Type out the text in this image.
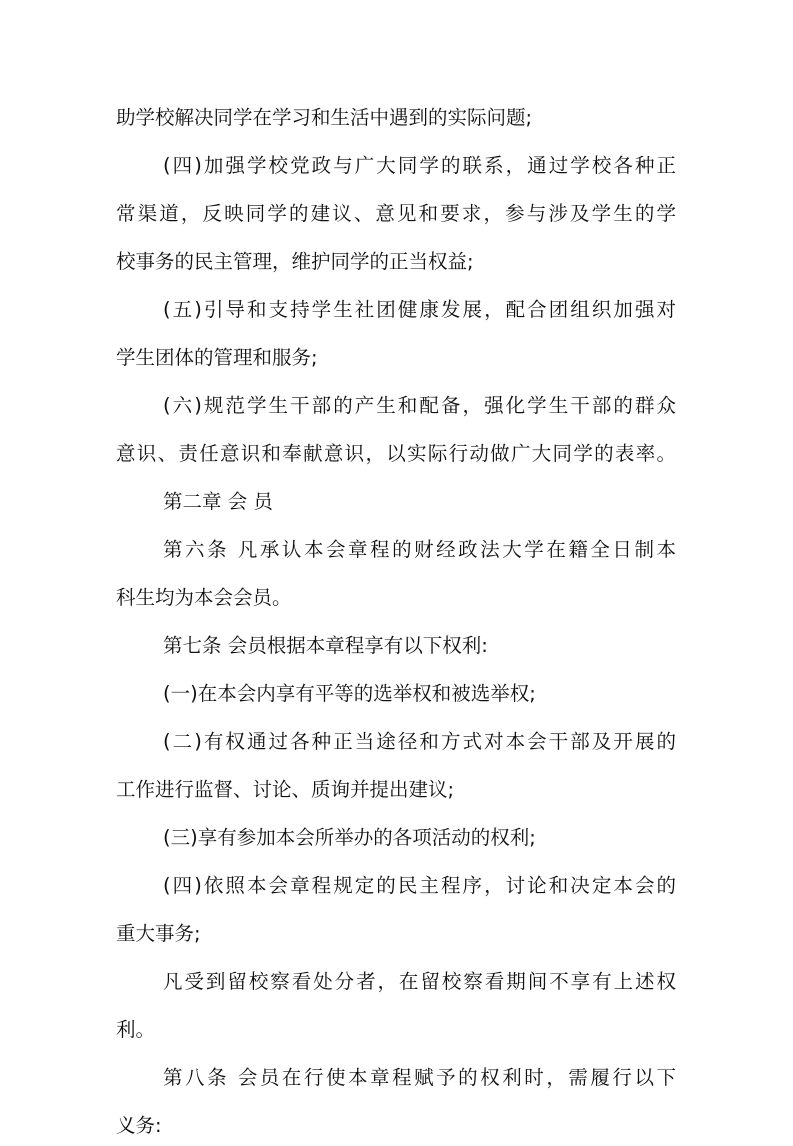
助学校解决同学在学习和生活中遇到的实际问题;
(四)加强学校党政与广大同学的联系，通过学校各种正
常渠道，反映同学的建议、意见和要求，参与涉及学生的学
校事务的民主管理，维护同学的正当权益;
(五)引导和支持学生社团健康发展，配合团组织加强对
学生团体的管理和服务;
(六)规范学生干部的产生和配备，强化学生干部的群众
意识、责任意识和奉献意识，以实际行动做广大同学的表率。
第二章 会 员
第六条 凡承认本会章程的财经政法大学在籍全日制本
科生均为本会会员。
第七条 会员根据本章程享有以下权利:
(一)在本会内享有平等的选举权和被选举权;
(二)有权通过各种正当途径和方式对本会干部及开展的
工作进行监督、讨论、质询并提出建议;
(三)享有参加本会所举办的各项活动的权利;
(四)依照本会章程规定的民主程序，讨论和决定本会的
重大事务;
凡受到留校察看处分者，在留校察看期间不享有上述权
利。
第八条 会员在行使本章程赋予的权利时，需履行以下
义务:
